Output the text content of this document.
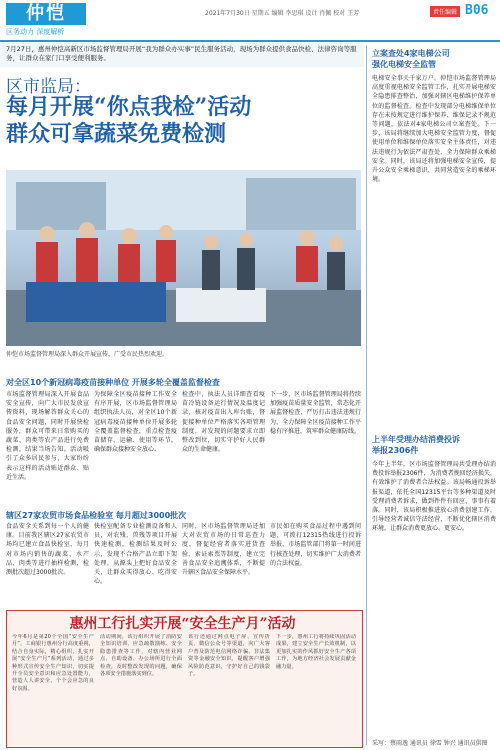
仲恺
区务动力 深度解析
2021年7月30日 星期五 编辑 李思琪 设计 肖佩 校对 王芳	责任编辑 B06
7月27日，惠州仲恺高新区市场监督管理局开展“我为群众办实事”民生服务活动，现场为群众提供食品快检、法律咨询等服务，让群众在家门口享受便利服务。
区市监局：
每月开展“你点我检”活动
群众可拿蔬菜免费检测
仲恺市场监督管理局深入群众开展宣传，广受市民热烈欢迎。
对全区10个新冠病毒疫苗接种单位 开展多轮全覆盖监督检查
市场监督管理局深入开展食品安全宣传，向广大市民发放宣传资料，现场解答群众关心的食品安全问题，同时开展快检服务，群众可带来日常购买的蔬菜、肉类等农产品进行免费检测，结果当场告知。活动吸引了众多居民参与，大家纷纷表示这样的活动贴近群众、贴近生活。
为保障全区疫苗接种工作安全有序开展，区市场监督管理局组织执法人员，对全区10个新冠病毒疫苗接种单位开展多轮全覆盖监督检查，重点检查疫苗储存、运输、使用等环节，确保群众接种安全放心。
检查中，执法人员详细查看疫苗冷链设备运行情况及温度记录，核对疫苗出入库台账，督促接种单位严格落实各项管理制度，对发现的问题要求立即整改到位，切实守护好人民群众的生命健康。
下一步，区市场监督管理局将持续加强疫苗质量安全监管，常态化开展监督检查，严厉打击违法违规行为，全力保障全区疫苗接种工作平稳有序推进，筑牢群众健康防线。
辖区27家农贸市场食品检验室 每月超过3000批次
食品安全关系到每一个人的健康。目前我区辖区27家农贸市场均已建立食品快检室，每月对市场内销售的蔬菜、水产品、肉类等进行抽样检测，检测批次超过3000批次。
快检室配备专业检测设备和人员，对农残、兽残等项目开展快速检测，检测结果及时公示，发现不合格产品立即下架处理，从源头上把好食品安全关，让群众买得放心、吃得安心。
同时，区市场监督管理局还加大对农贸市场的日常巡查力度，督促经营者落实进货查验、索证索票等制度，建立完善食品安全追溯体系，不断提升辖区食品安全保障水平。
市民如在购买食品过程中遇到问题，可拨打12315热线进行投诉举报，市场监管部门将第一时间进行核查处理，切实维护广大消费者的合法权益。
惠州工行扎实开展“安全生产月”活动
今年6月是第20个全国“安全生产月”，工商银行惠州分行高度重视，结合自身实际，精心组织，扎实开展“安全生产月”系列活动，通过多种形式宣传安全生产知识，切实提升全员安全意识和应急处置能力，营造人人讲安全、个个会应急的良好氛围。
活动期间，该行组织开展了消防安全知识培训、应急疏散演练、安全隐患排查等工作，对辖内营业网点、自助设备、办公场所进行全面检查，及时整改发现的问题，确保各项安全措施落实到位。
该行还通过网点电子屏、宣传折页、微信公众号等渠道，向广大客户普及防范电信网络诈骗、非法集资等金融安全知识，提醒客户增强风险防范意识，守护好自己的钱袋子。
下一步，惠州工行将持续巩固活动成果，建立安全生产长效机制，以更加扎实的作风抓好安全生产各项工作，为地方经济社会发展贡献金融力量。
立案查处4家电梯公司
强化电梯安全监管
电梯安全事关千家万户。仲恺市场监督管理局高度重视电梯安全监管工作，扎实开展电梯安全隐患排查整治，加强对辖区电梯维护保养单位的监督检查。检查中发现部分电梯维保单位存在未按规定进行维护保养、维保记录不规范等问题，依法对4家电梯公司立案查处。下一步，该局将继续加大电梯安全监管力度，督促使用单位和维保单位落实安全主体责任，对违法违规行为依法严肃查处，全力保障群众乘梯安全。同时，该局还将加强电梯安全宣传，提升公众安全乘梯意识，共同营造安全的乘梯环境。
上半年受理办结消费投诉
举报2306件
今年上半年，区市场监督管理局共受理办结消费投诉举报2306件，为消费者挽回经济损失，有效维护了消费者合法权益。该局畅通投诉举报渠道，依托全国12315平台等多种渠道及时受理消费者诉求，做到件件有回应、事事有着落。同时，该局积极推进放心消费创建工作，引导经营者诚信守法经营，不断优化辖区消费环境，让群众消费更放心、更安心。
采写：蔡雨逸 通讯员 徐雪 钟兴 通讯员供图
